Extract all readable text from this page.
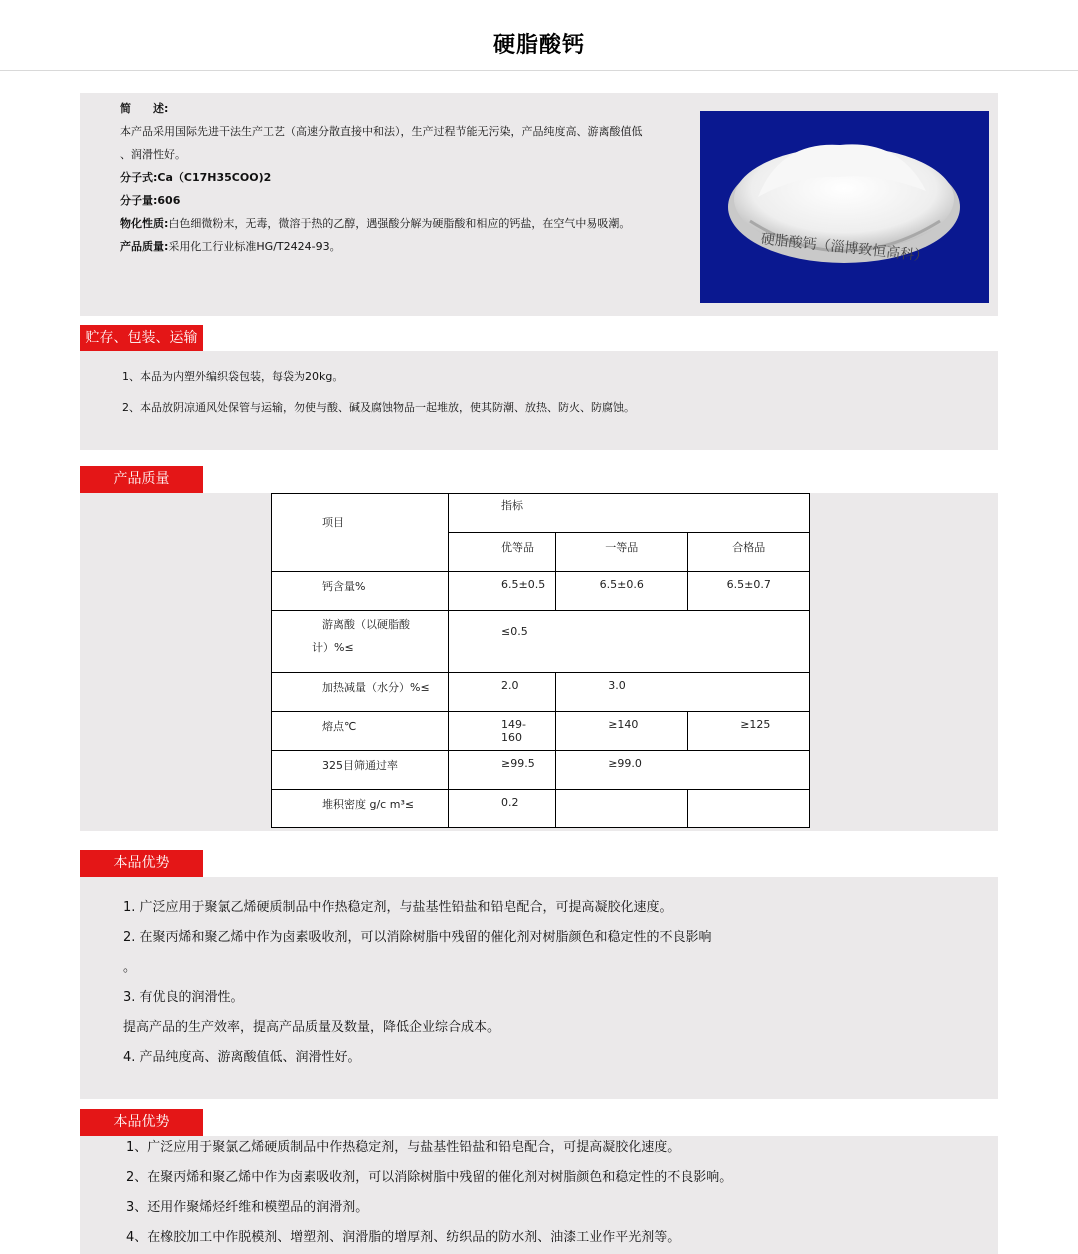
硬脂酸钙
简　　述:
本产品采用国际先进干法生产工艺（高速分散直接中和法），生产过程节能无污染，产品纯度高、游离酸值低
、润滑性好。
分子式:Ca（C17H35COO)2
分子量:606
物化性质:白色细微粉末，无毒，微溶于热的乙醇，遇强酸分解为硬脂酸和相应的钙盐，在空气中易吸潮。
产品质量:采用化工行业标准HG/T2424-93。	硬脂酸钙（淄博致恒高科）
贮存、包装、运输
1、本品为内塑外编织袋包装，每袋为20kg。
2、本品放阴凉通风处保管与运输，勿使与酸、碱及腐蚀物品一起堆放，使其防潮、放热、防火、防腐蚀。
产品质量
项目	指标		
	优等品	一等品	合格品
钙含量%	6.5±0.5	6.5±0.6	6.5±0.7

游离酸（以硬脂酸
计）%≤	≤0.5		
加热减量（水分）%≤	2.0	3.0	
熔点℃	149-160	≥140	≥125
325目筛通过率	≥99.5	≥99.0	
堆积密度 g/c m³≤	0.2		
本品优势
1. 广泛应用于聚氯乙烯硬质制品中作热稳定剂，与盐基性铅盐和铅皂配合，可提高凝胶化速度。
2. 在聚丙烯和聚乙烯中作为卤素吸收剂，可以消除树脂中残留的催化剂对树脂颜色和稳定性的不良影响
。
3. 有优良的润滑性。
提高产品的生产效率，提高产品质量及数量，降低企业综合成本。
4. 产品纯度高、游离酸值低、润滑性好。
本品优势
1、广泛应用于聚氯乙烯硬质制品中作热稳定剂，与盐基性铅盐和铅皂配合，可提高凝胶化速度。
2、在聚丙烯和聚乙烯中作为卤素吸收剂，可以消除树脂中残留的催化剂对树脂颜色和稳定性的不良影响。
3、还用作聚烯烃纤维和模塑品的润滑剂。
4、在橡胶加工中作脱模剂、增塑剂、润滑脂的增厚剂、纺织品的防水剂、油漆工业作平光剂等。
